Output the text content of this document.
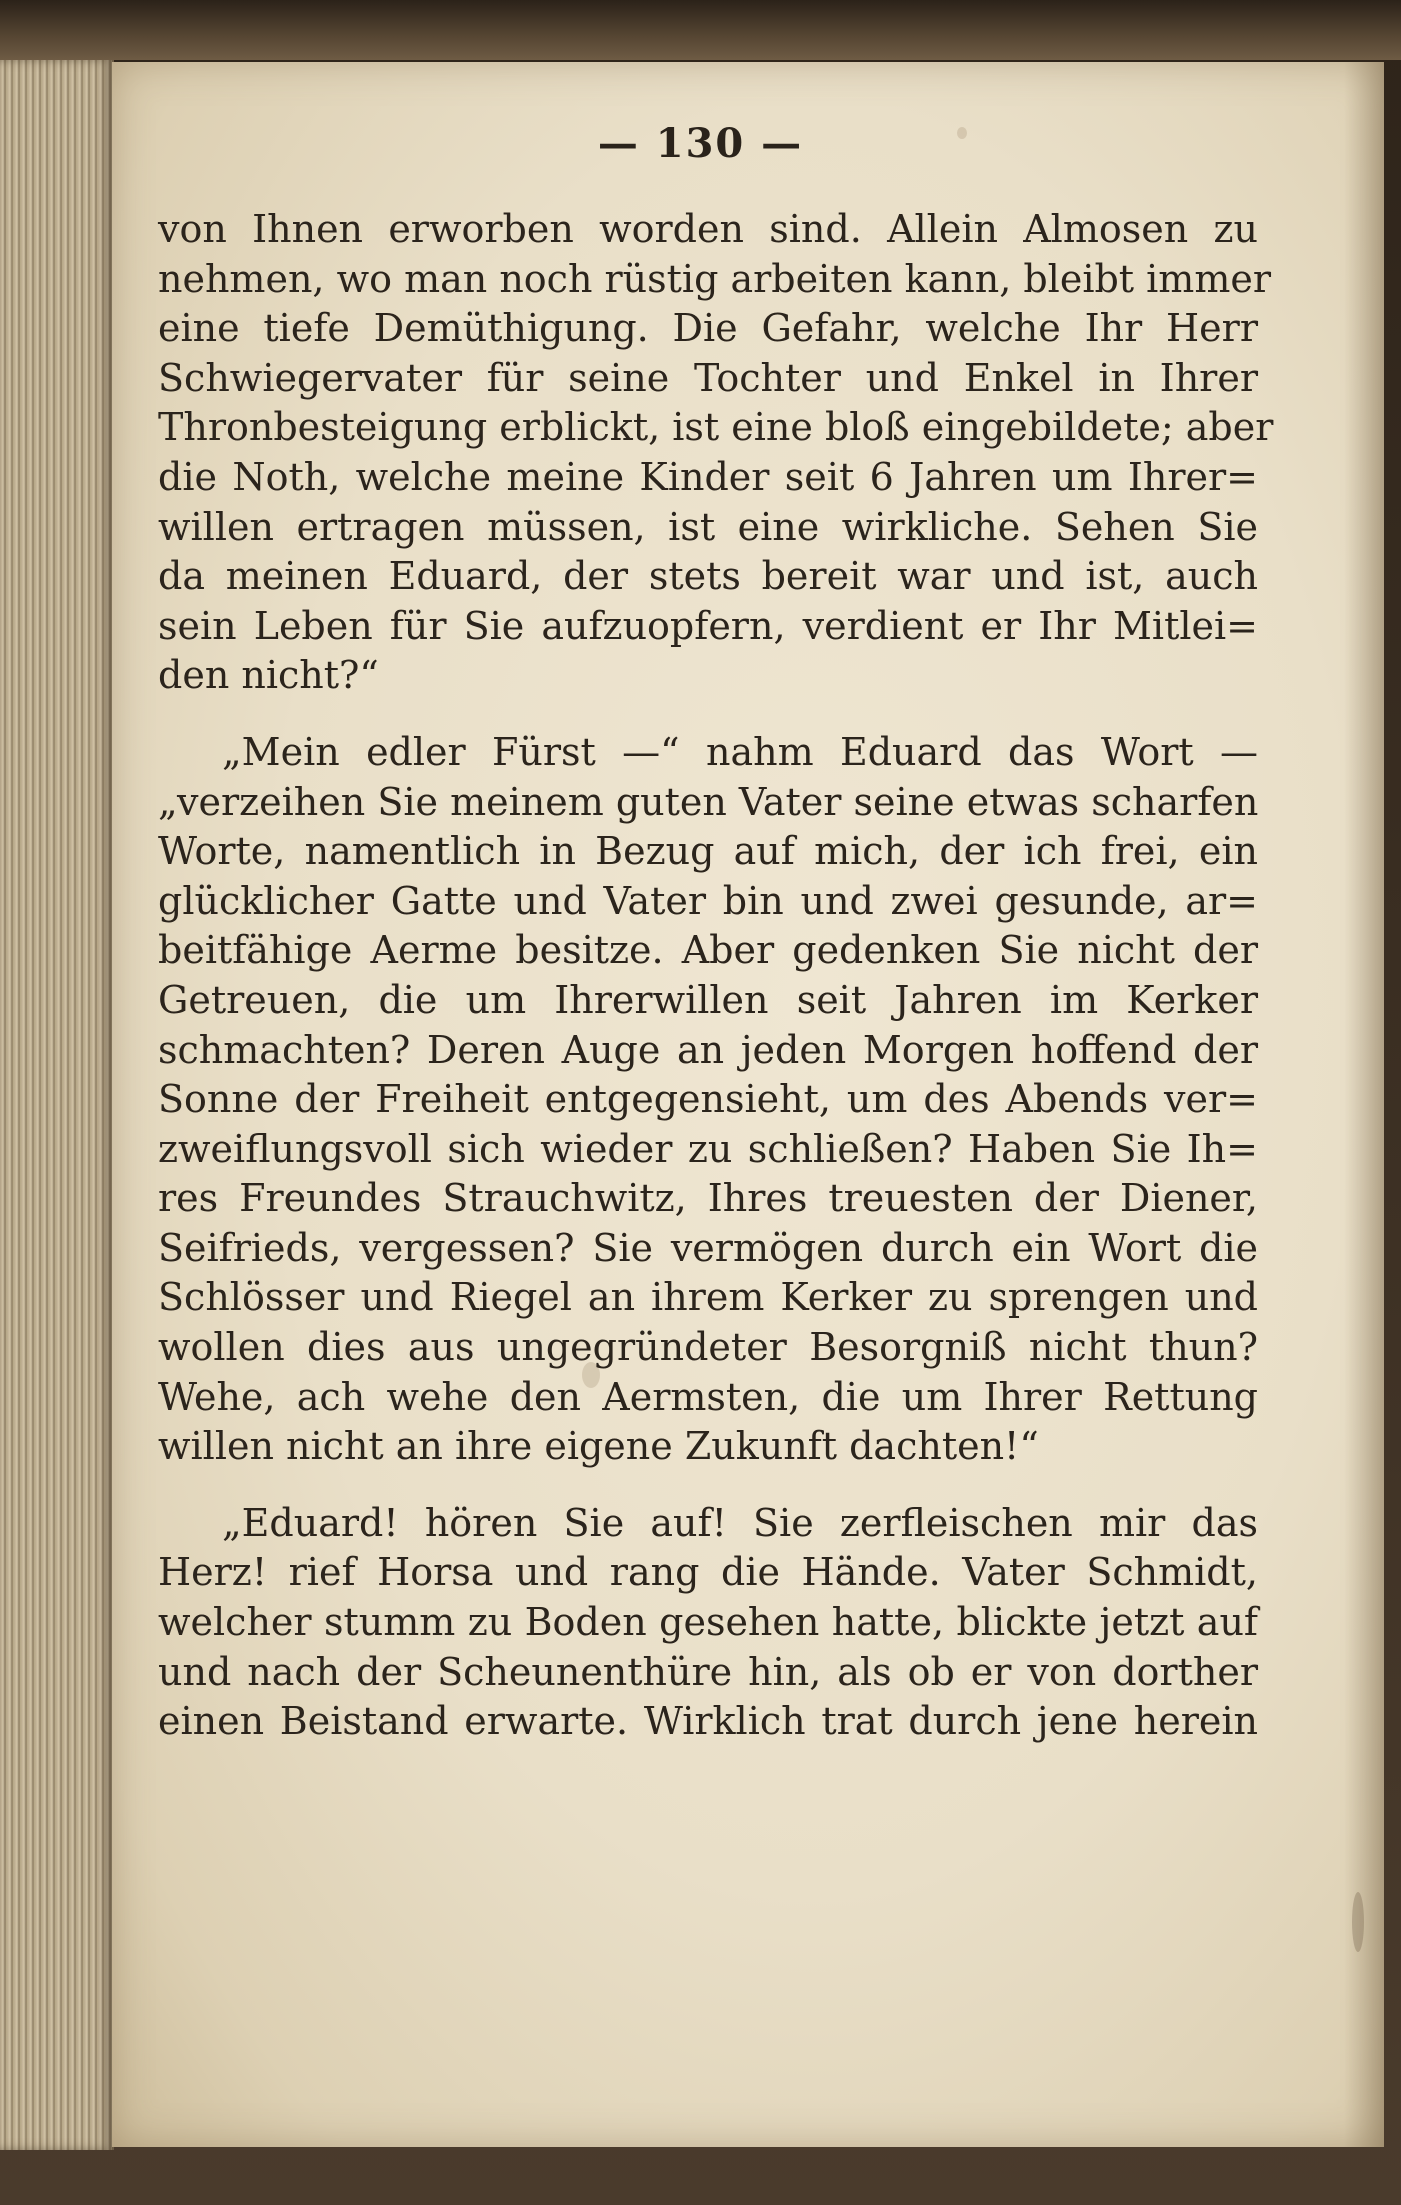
— 130 —

von Ihnen erworben worden sind. Allein Almosen zu
nehmen, wo man noch rüstig arbeiten kann, bleibt immer
eine tiefe Demüthigung. Die Gefahr, welche Ihr Herr
Schwiegervater für seine Tochter und Enkel in Ihrer
Thronbesteigung erblickt, ist eine bloß eingebildete; aber
die Noth, welche meine Kinder seit 6 Jahren um Ihrer=
willen ertragen müssen, ist eine wirkliche. Sehen Sie
da meinen Eduard, der stets bereit war und ist, auch
sein Leben für Sie aufzuopfern, verdient er Ihr Mitlei=
den nicht?“

„Mein edler Fürst —“ nahm Eduard das Wort —
„verzeihen Sie meinem guten Vater seine etwas scharfen
Worte, namentlich in Bezug auf mich, der ich frei, ein
glücklicher Gatte und Vater bin und zwei gesunde, ar=
beitfähige Aerme besitze. Aber gedenken Sie nicht der
Getreuen, die um Ihrerwillen seit Jahren im Kerker
schmachten? Deren Auge an jeden Morgen hoffend der
Sonne der Freiheit entgegensieht, um des Abends ver=
zweiflungsvoll sich wieder zu schließen? Haben Sie Ih=
res Freundes Strauchwitz, Ihres treuesten der Diener,
Seifrieds, vergessen? Sie vermögen durch ein Wort die
Schlösser und Riegel an ihrem Kerker zu sprengen und
wollen dies aus ungegründeter Besorgniß nicht thun?
Wehe, ach wehe den Aermsten, die um Ihrer Rettung
willen nicht an ihre eigene Zukunft dachten!“

„Eduard! hören Sie auf! Sie zerfleischen mir das
Herz! rief Horsa und rang die Hände. Vater Schmidt,
welcher stumm zu Boden gesehen hatte, blickte jetzt auf
und nach der Scheunenthüre hin, als ob er von dorther
einen Beistand erwarte. Wirklich trat durch jene herein
